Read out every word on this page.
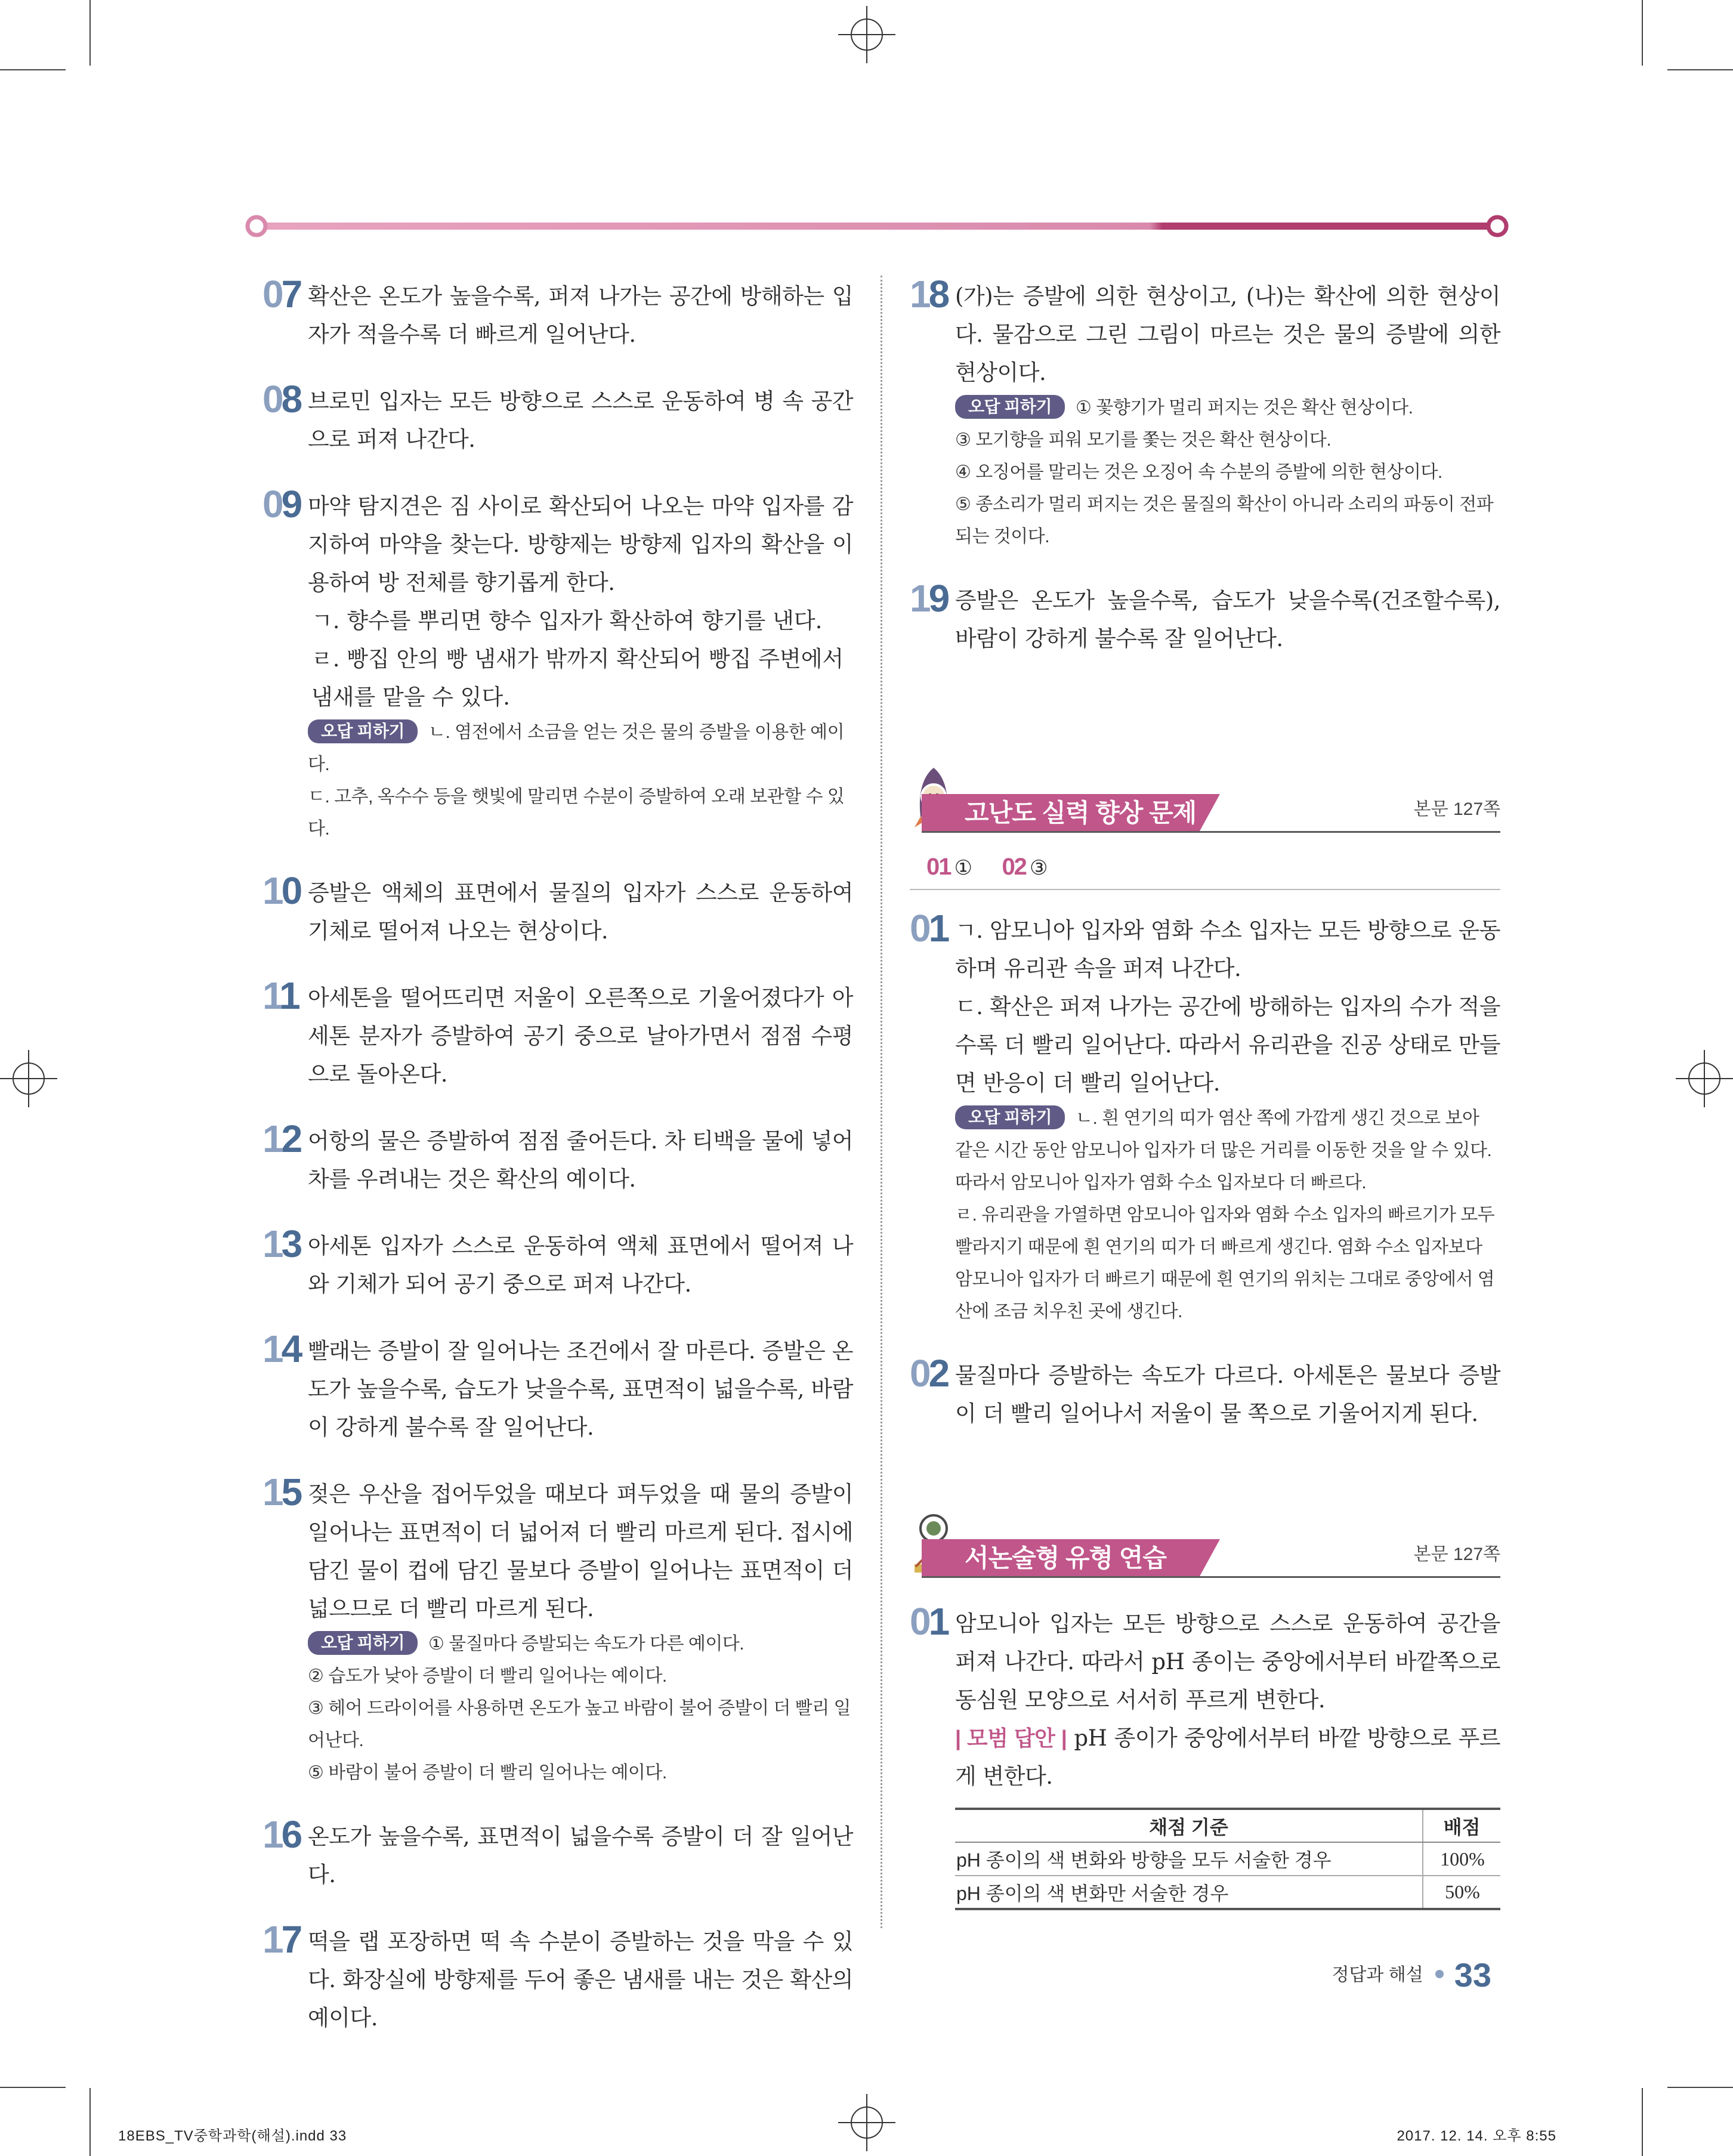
07 확산은 온도가 높을수록, 퍼져 나가는 공간에 방해하는 입자가 적을수록 더 빠르게 일어난다.

08 브로민 입자는 모든 방향으로 스스로 운동하여 병 속 공간으로 퍼져 나간다.

09 마약 탐지견은 짐 사이로 확산되어 나오는 마약 입자를 감지하여 마약을 찾는다. 방향제는 방향제 입자의 확산을 이용하여 방 전체를 향기롭게 한다.

ㄱ. 향수를 뿌리면 향수 입자가 확산하여 향기를 낸다.

ㄹ. 빵집 안의 빵 냄새가 밖까지 확산되어 빵집 주변에서 냄새를 맡을 수 있다.

오답 피하기 ㄴ. 염전에서 소금을 얻는 것은 물의 증발을 이용한 예이다.

ㄷ. 고추, 옥수수 등을 햇빛에 말리면 수분이 증발하여 오래 보관할 수 있다.

10 증발은 액체의 표면에서 물질의 입자가 스스로 운동하여 기체로 떨어져 나오는 현상이다.

11 아세톤을 떨어뜨리면 저울이 오른쪽으로 기울어졌다가 아세톤 분자가 증발하여 공기 중으로 날아가면서 점점 수평으로 돌아온다.

12 어항의 물은 증발하여 점점 줄어든다. 차 티백을 물에 넣어 차를 우려내는 것은 확산의 예이다.

13 아세톤 입자가 스스로 운동하여 액체 표면에서 떨어져 나와 기체가 되어 공기 중으로 퍼져 나간다.

14 빨래는 증발이 잘 일어나는 조건에서 잘 마른다. 증발은 온도가 높을수록, 습도가 낮을수록, 표면적이 넓을수록, 바람이 강하게 불수록 잘 일어난다.

15 젖은 우산을 접어두었을 때보다 펴두었을 때 물의 증발이 일어나는 표면적이 더 넓어져 더 빨리 마르게 된다. 접시에 담긴 물이 컵에 담긴 물보다 증발이 일어나는 표면적이 더 넓으므로 더 빨리 마르게 된다.

오답 피하기 ① 물질마다 증발되는 속도가 다른 예이다.

② 습도가 낮아 증발이 더 빨리 일어나는 예이다.

③ 헤어 드라이어를 사용하면 온도가 높고 바람이 불어 증발이 더 빨리 일어난다.

⑤ 바람이 불어 증발이 더 빨리 일어나는 예이다.

16 온도가 높을수록, 표면적이 넓을수록 증발이 더 잘 일어난다.

17 떡을 랩 포장하면 떡 속 수분이 증발하는 것을 막을 수 있다. 화장실에 방향제를 두어 좋은 냄새를 내는 것은 확산의 예이다.

18 (가)는 증발에 의한 현상이고, (나)는 확산에 의한 현상이다. 물감으로 그린 그림이 마르는 것은 물의 증발에 의한 현상이다.

오답 피하기 ① 꽃향기가 멀리 퍼지는 것은 확산 현상이다.

③ 모기향을 피워 모기를 쫓는 것은 확산 현상이다.

④ 오징어를 말리는 것은 오징어 속 수분의 증발에 의한 현상이다.

⑤ 종소리가 멀리 퍼지는 것은 물질의 확산이 아니라 소리의 파동이 전파되는 것이다.

19 증발은 온도가 높을수록, 습도가 낮을수록(건조할수록), 바람이 강하게 불수록 잘 일어난다.

고난도 실력 향상 문제	본문 127쪽
01 ① 02 ③
01 ㄱ. 암모니아 입자와 염화 수소 입자는 모든 방향으로 운동하며 유리관 속을 퍼져 나간다.

ㄷ. 확산은 퍼져 나가는 공간에 방해하는 입자의 수가 적을수록 더 빨리 일어난다. 따라서 유리관을 진공 상태로 만들면 반응이 더 빨리 일어난다.

오답 피하기 ㄴ. 흰 연기의 띠가 염산 쪽에 가깝게 생긴 것으로 보아 같은 시간 동안 암모니아 입자가 더 많은 거리를 이동한 것을 알 수 있다. 따라서 암모니아 입자가 염화 수소 입자보다 더 빠르다.

ㄹ. 유리관을 가열하면 암모니아 입자와 염화 수소 입자의 빠르기가 모두 빨라지기 때문에 흰 연기의 띠가 더 빠르게 생긴다. 염화 수소 입자보다 암모니아 입자가 더 빠르기 때문에 흰 연기의 위치는 그대로 중앙에서 염산에 조금 치우친 곳에 생긴다.

02 물질마다 증발하는 속도가 다르다. 아세톤은 물보다 증발이 더 빨리 일어나서 저울이 물 쪽으로 기울어지게 된다.

서논술형 유형 연습	본문 127쪽
01 암모니아 입자는 모든 방향으로 스스로 운동하여 공간을 퍼져 나간다. 따라서 pH 종이는 중앙에서부터 바깥쪽으로 동심원 모양으로 서서히 푸르게 변한다.

| 모범 답안 | pH 종이가 중앙에서부터 바깥 방향으로 푸르게 변한다.

채점 기준	배점
pH 종이의 색 변화와 방향을 모두 서술한 경우	100%
pH 종이의 색 변화만 서술한 경우	50%
정답과 해설 33
18EBS_TV중학과학(해설).indd 33	2017. 12. 14. 오후 8:55
